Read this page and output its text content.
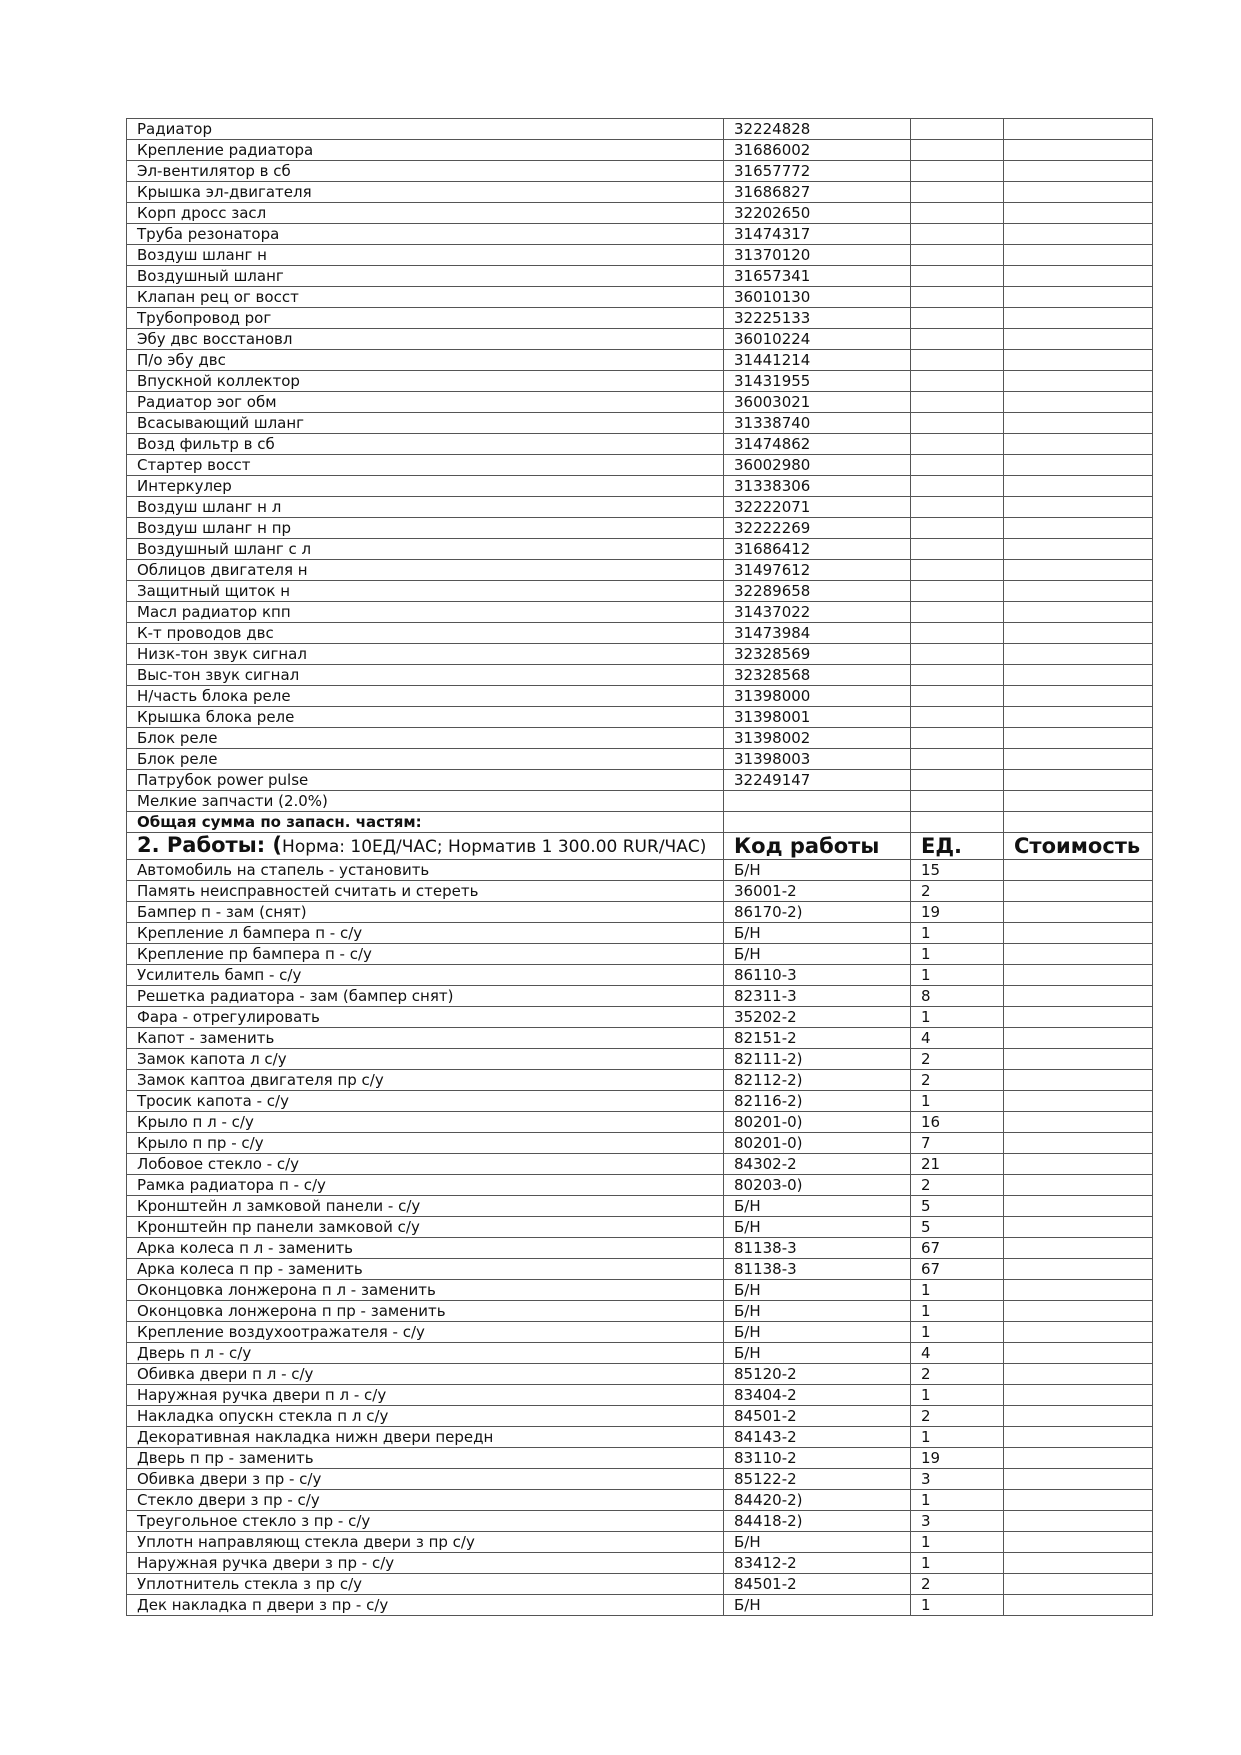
Радиатор	32224828		
Крепление радиатора	31686002		
Эл-вентилятор в сб	31657772		
Крышка эл-двигателя	31686827		
Корп дросс засл	32202650		
Труба резонатора	31474317		
Воздуш шланг н	31370120		
Воздушный шланг	31657341		
Клапан рец ог восст	36010130		
Трубопровод рог	32225133		
Эбу двс восстановл	36010224		
П/о эбу двс	31441214		
Впускной коллектор	31431955		
Радиатор эог обм	36003021		
Всасывающий шланг	31338740		
Возд фильтр в сб	31474862		
Стартер восст	36002980		
Интеркулер	31338306		
Воздуш шланг н л	32222071		
Воздуш шланг н пр	32222269		
Воздушный шланг с л	31686412		
Облицов двигателя н	31497612		
Защитный щиток н	32289658		
Масл радиатор кпп	31437022		
К-т проводов двс	31473984		
Низк-тон звук сигнал	32328569		
Выс-тон звук сигнал	32328568		
Н/часть блока реле	31398000		
Крышка блока реле	31398001		
Блок реле	31398002		
Блок реле	31398003		
Патрубок power pulse	32249147		
Мелкие запчасти (2.0%)			
Общая сумма по запасн. частям:			
2. Работы: (Норма: 10ЕД/ЧАС; Норматив 1 300.00 RUR/ЧАС)	Код работы	ЕД.	Стоимость
Автомобиль на стапель - установить	Б/Н	15	
Память неисправностей считать и стереть	36001-2	2	
Бампер п - зам (снят)	86170-2)	19	
Крепление л бампера п - с/у	Б/Н	1	
Крепление пр бампера п - с/у	Б/Н	1	
Усилитель бамп - с/у	86110-3	1	
Решетка радиатора - зам (бампер снят)	82311-3	8	
Фара - отрегулировать	35202-2	1	
Капот - заменить	82151-2	4	
Замок капота л с/у	82111-2)	2	
Замок каптоа двигателя пр с/у	82112-2)	2	
Тросик капота - с/у	82116-2)	1	
Крыло п л - с/у	80201-0)	16	
Крыло п пр - с/у	80201-0)	7	
Лобовое стекло - с/у	84302-2	21	
Рамка радиатора п - с/у	80203-0)	2	
Кронштейн л замковой панели - с/у	Б/Н	5	
Кронштейн пр панели замковой с/у	Б/Н	5	
Арка колеса п л - заменить	81138-3	67	
Арка колеса п пр - заменить	81138-3	67	
Оконцовка лонжерона п л - заменить	Б/Н	1	
Оконцовка лонжерона п пр - заменить	Б/Н	1	
Крепление воздухоотражателя - с/у	Б/Н	1	
Дверь п л - с/у	Б/Н	4	
Обивка двери п л - с/у	85120-2	2	
Наружная ручка двери п л - с/у	83404-2	1	
Накладка опускн стекла п л с/у	84501-2	2	
Декоративная накладка нижн двери передн	84143-2	1	
Дверь п пр - заменить	83110-2	19	
Обивка двери з пр - с/у	85122-2	3	
Стекло двери з пр - с/у	84420-2)	1	
Треугольное стекло з пр - с/у	84418-2)	3	
Уплотн направляющ стекла двери з пр с/у	Б/Н	1	
Наружная ручка двери з пр - с/у	83412-2	1	
Уплотнитель стекла з пр с/у	84501-2	2	
Дек накладка п двери з пр - с/у	Б/Н	1	
